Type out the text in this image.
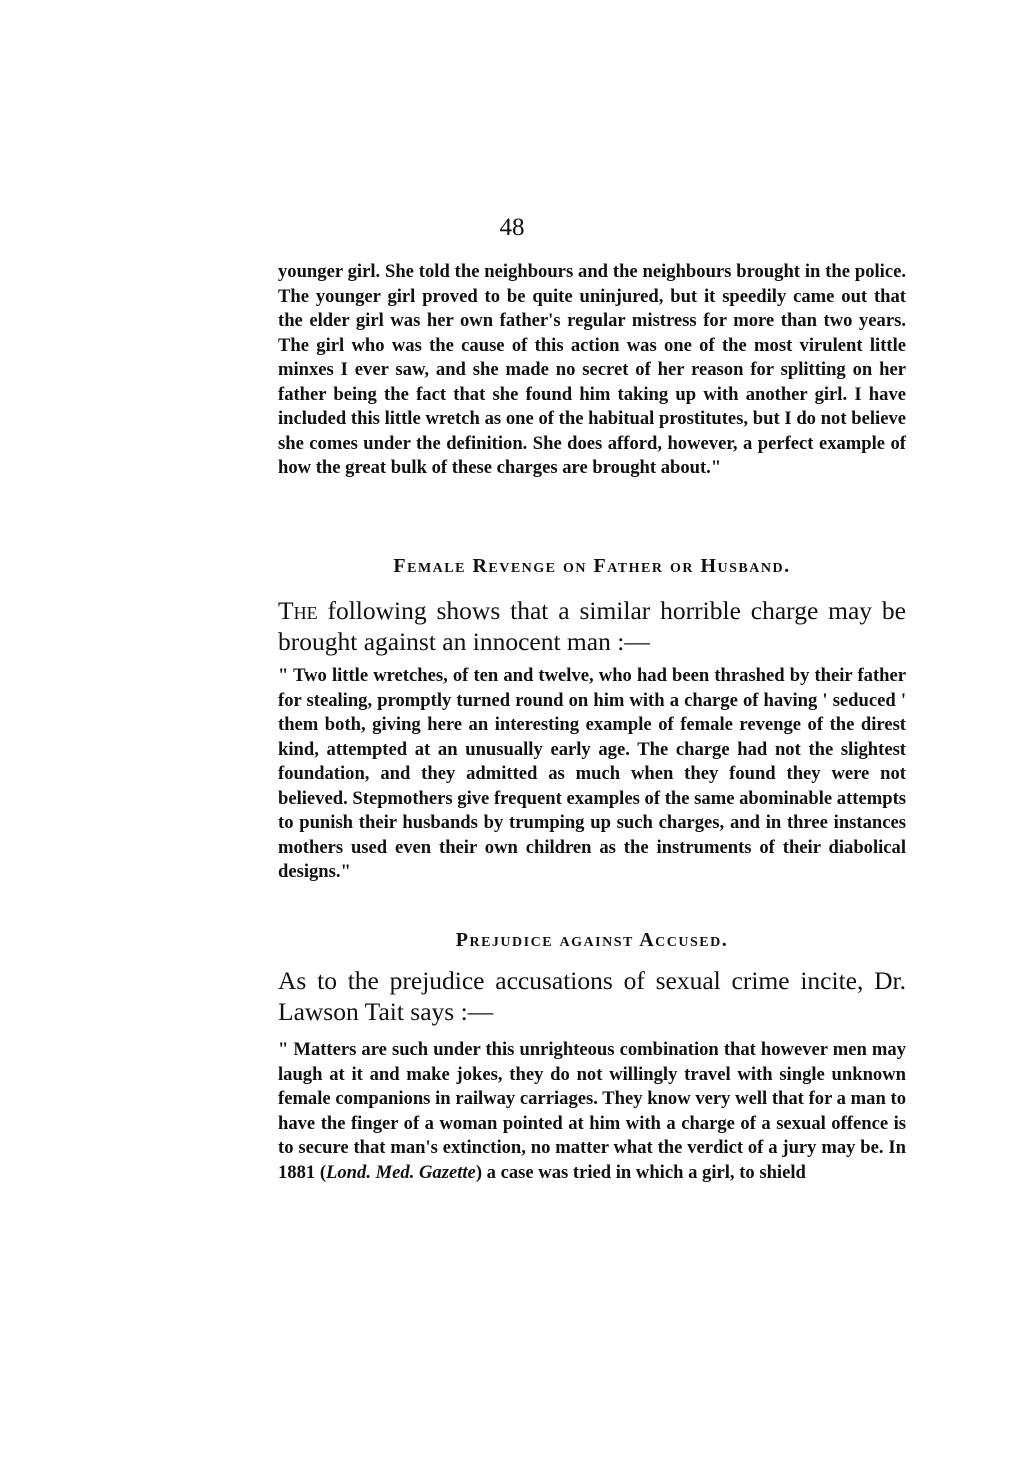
48

younger girl. She told the neighbours and the neighbours brought in the police. The younger girl proved to be quite uninjured, but it speedily came out that the elder girl was her own father's regular mistress for more than two years. The girl who was the cause of this action was one of the most virulent little minxes I ever saw, and she made no secret of her reason for splitting on her father being the fact that she found him taking up with another girl. I have included this little wretch as one of the habitual prostitutes, but I do not believe she comes under the definition. She does afford, however, a perfect example of how the great bulk of these charges are brought about."

Female Revenge on Father or Husband.

The following shows that a similar horrible charge may be brought against an innocent man :—

" Two little wretches, of ten and twelve, who had been thrashed by their father for stealing, promptly turned round on him with a charge of having ' seduced ' them both, giving here an interesting example of female revenge of the direst kind, attempted at an unusually early age. The charge had not the slightest foundation, and they admitted as much when they found they were not believed. Stepmothers give frequent examples of the same abominable attempts to punish their husbands by trumping up such charges, and in three instances mothers used even their own children as the instruments of their diabolical designs."

Prejudice against Accused.

As to the prejudice accusations of sexual crime incite, Dr. Lawson Tait says :—

" Matters are such under this unrighteous combination that however men may laugh at it and make jokes, they do not willingly travel with single unknown female companions in railway carriages. They know very well that for a man to have the finger of a woman pointed at him with a charge of a sexual offence is to secure that man's extinction, no matter what the verdict of a jury may be. In 1881 (Lond. Med. Gazette) a case was tried in which a girl, to shield
